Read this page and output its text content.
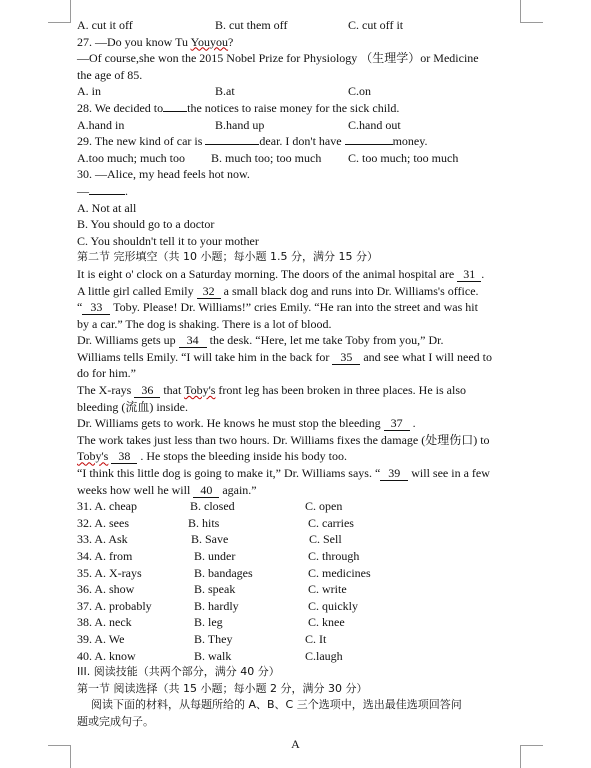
A. cut it off	B. cut them off	C. cut off it
27. —Do you know Tu Youyou?
—Of course,she won the 2015 Nobel Prize for Physiology （生理学）or Medicine
the age of 85.
A. in	B.at	C.on
28. We decided to the notices to raise money for the sick child.
A.hand in	B.hand up	C.hand out
29. The new kind of car is	dear. I don't have	money.
A.too much; much too B. much too; too much C. too much; too much
30. —Alice, my head feels hot now.
—	.
A. Not at all
B. You should go to a doctor
C. You shouldn't tell it to your mother
第二节 完形填空（共 10 小题；每小题 1.5 分，满分 15 分）
It is eight o' clock on a Saturday morning. The doors of the animal hospital are 31 .
A little girl called Emily 32 a small black dog and runs into Dr. Williams's office.
“ 33 Toby. Please! Dr. Williams!” cries Emily. “He ran into the street and was hit
by a car.” The dog is shaking. There is a lot of blood.
Dr. Williams gets up 34 the desk. “Here, let me take Toby from you,” Dr.
Williams tells Emily. “I will take him in the back for 35 and see what I will need to
do for him.”
The X-rays 36 that Toby's front leg has been broken in three places. He is also
bleeding (流血) inside.
Dr. Williams gets to work. He knows he must stop the bleeding 37 .
The work takes just less than two hours. Dr. Williams fixes the damage (处理伤口) to
Toby's 38 . He stops the bleeding inside his body too.
“I think this little dog is going to make it,” Dr. Williams says. “ 39 will see in a few
weeks how well he will 40 again.”
31. A. cheap	B. closed	C. open
32. A. sees	B. hits	C. carries
33. A. Ask	B. Save	C. Sell
34. A. from	B. under	C. through
35. A. X-rays	B. bandages	C. medicines
36. A. show	B. speak	C. write
37. A. probably	B. hardly	C. quickly
38. A. neck	B. leg	C. knee
39. A. We	B. They	C. It
40. A. know	B. walk	C.laugh
III. 阅读技能（共两个部分，满分 40 分）
第一节 阅读选择（共 15 小题；每小题 2 分，满分 30 分）
阅读下面的材料，从每题所给的 A、B、C 三个选项中，选出最佳选项回答问
题或完成句子。
A
